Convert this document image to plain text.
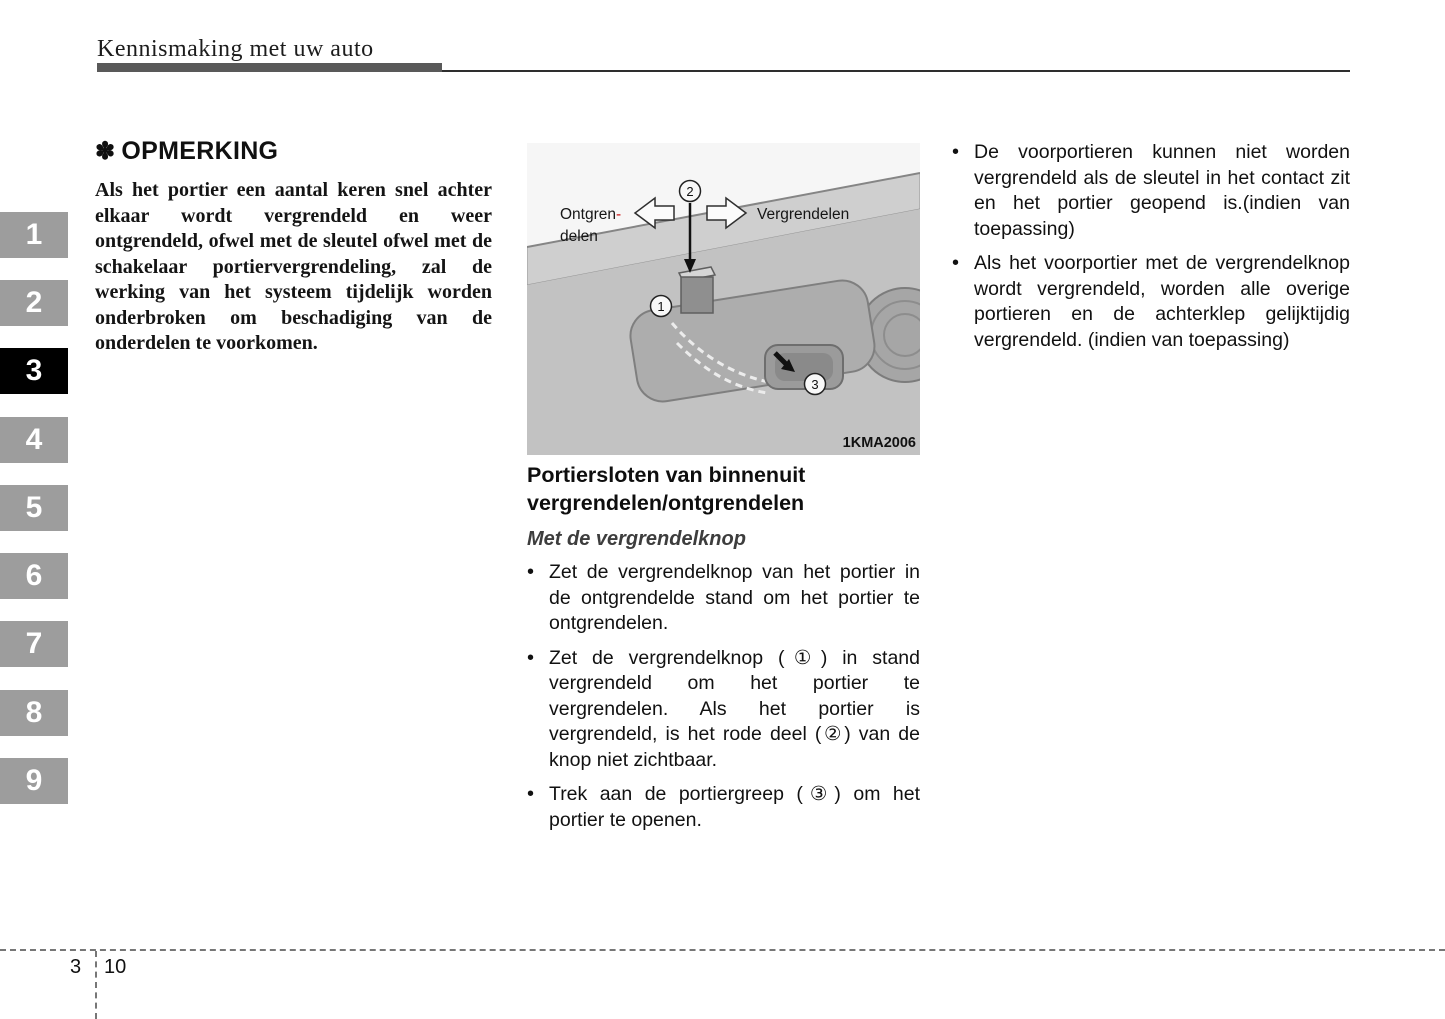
Kennismaking met uw auto
1
2
3
4
5
6
7
8
9
✽ OPMERKING
Als het portier een aantal keren snel achter elkaar wordt vergrendeld en weer ontgrendeld, ofwel met de sleutel ofwel met de schakelaar portiervergrendeling, zal de werking van het systeem tijdelijk worden onderbroken om beschadiging van de onderdelen te voorkomen.
Ontgren-
delen
Vergrendelen
2
1
3
1KMA2006
Portiersloten van binnenuit vergrendelen/ontgrendelen
Met de vergrendelknop
• Zet de vergrendelknop van het portier in de ontgrendelde stand om het portier te ontgrendelen.
• Zet de vergrendelknop (①) in stand vergrendeld om het portier te vergrendelen. Als het portier is vergrendeld, is het rode deel (②) van de knop niet zichtbaar.
• Trek aan de portiergreep (③) om het portier te openen.
• De voorportieren kunnen niet worden vergrendeld als de sleutel in het contact zit en het portier geopend is.(indien van toepassing)
• Als het voorportier met de vergrendelknop wordt vergrendeld, worden alle overige portieren en de achterklep gelijktijdig vergrendeld. (indien van toepassing)
3 10
